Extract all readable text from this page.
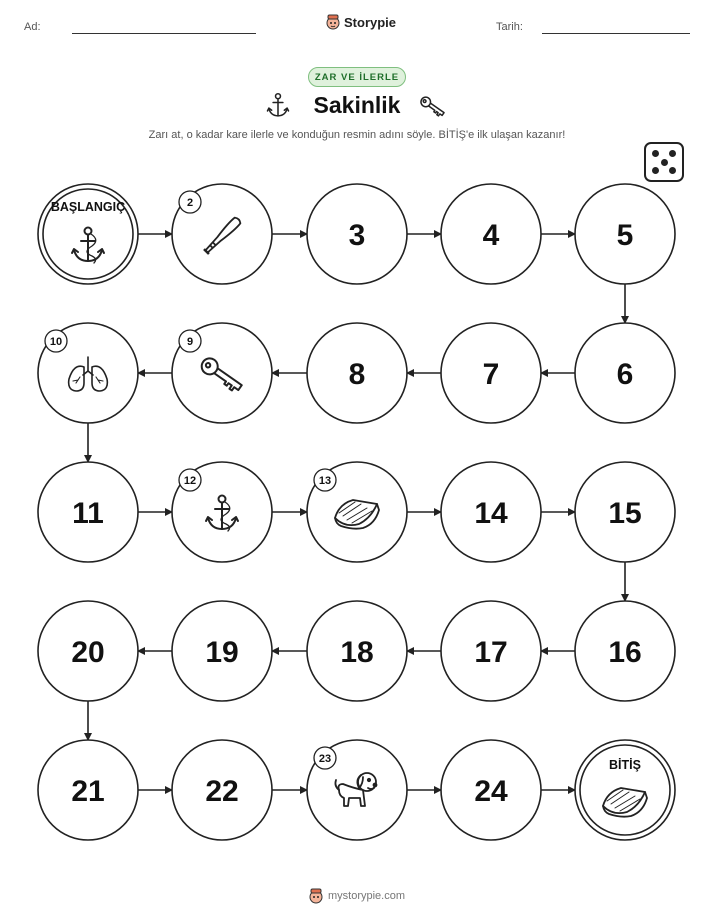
Ad:	Storypie	Tarih:
ZAR VE İLERLE
Sakinlik
Zarı at, o kadar kare ilerle ve konduğun resmin adını söyle. BİTİŞ'e ilk ulaşan kazanır!
BAŞLANGIÇ	2
3	4	5
6
7
8
9
10
11
12	13
14	15
16
17
18
19
20
21	22
23
24
BİTİŞ
mystorypie.com
